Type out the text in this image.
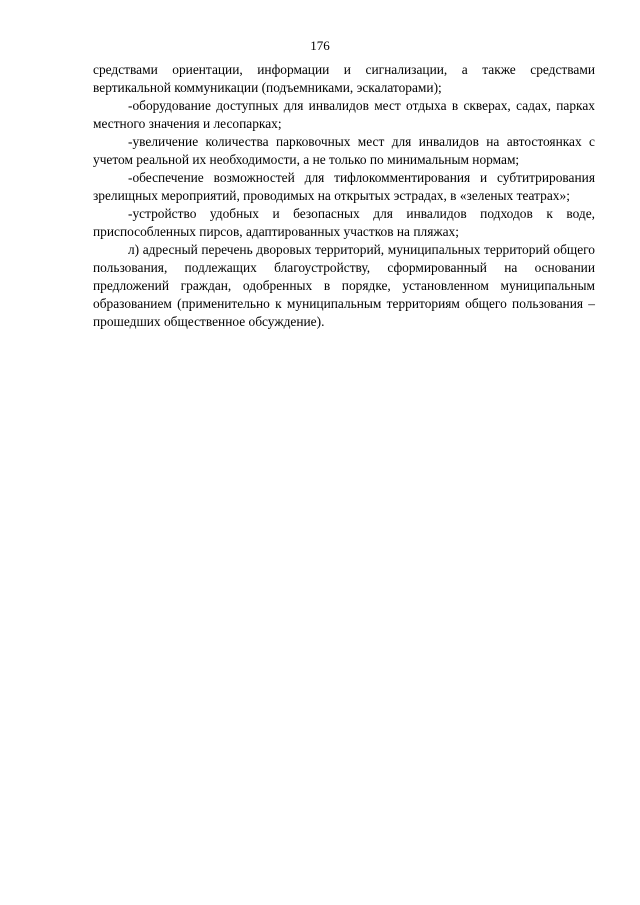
176

средствами ориентации, информации и сигнализации, а также средствами вертикальной коммуникации (подъемниками, эскалаторами);

-оборудование доступных для инвалидов мест отдыха в скверах, садах, парках местного значения и лесопарках;

-увеличение количества парковочных мест для инвалидов на автостоянках с учетом реальной их необходимости, а не только по минимальным нормам;

-обеспечение возможностей для тифлокомментирования и субтитрирования зрелищных мероприятий, проводимых на открытых эстрадах, в «зеленых театрах»;

-устройство удобных и безопасных для инвалидов подходов к воде, приспособленных пирсов, адаптированных участков на пляжах;

л) адресный перечень дворовых территорий, муниципальных территорий общего пользования, подлежащих благоустройству, сформированный на основании предложений граждан, одобренных в порядке, установленном муниципальным образованием (применительно к муниципальным территориям общего пользования – прошедших общественное обсуждение).
